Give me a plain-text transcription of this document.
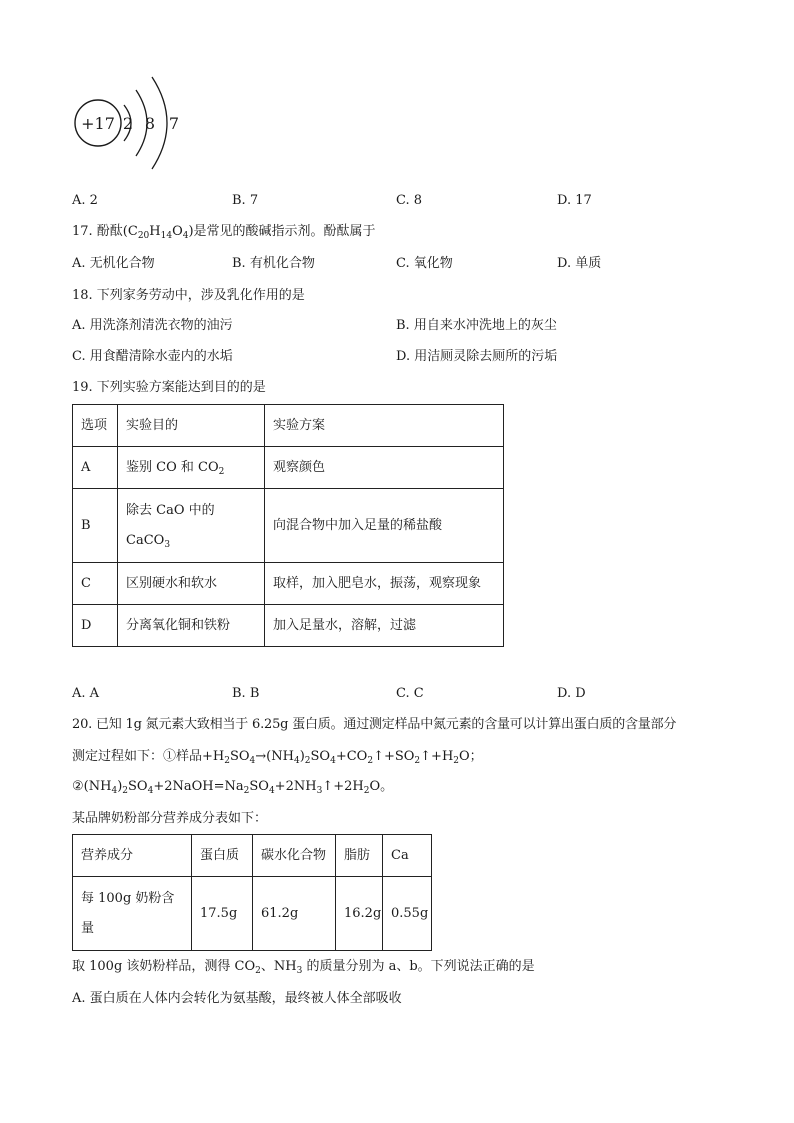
+17 2 8 7
A. 2	B. 7	C. 8	D. 17
17. 酚酞$(C_{20}H_{14}O_4)$是常见的酸碱指示剂。酚酞属于
A. 无机化合物	B. 有机化合物	C. 氧化物	D. 单质
18. 下列家务劳动中，涉及乳化作用的是
A. 用洗涤剂清洗衣物的油污	B. 用自来水冲洗地上的灰尘
C. 用食醋清除水壶内的水垢	D. 用洁厕灵除去厕所的污垢
19. 下列实验方案能达到目的的是
选项	实验目的	实验方案
A	鉴别 CO 和 $CO_2$	观察颜色
B	除去 CaO 中的
CaCO$_3$	向混合物中加入足量的稀盐酸
C	区别硬水和软水	取样，加入肥皂水，振荡，观察现象
D	分离氧化铜和铁粉	加入足量水，溶解，过滤
A. A	B. B	C. C	D. D
20. 已知 1g 氮元素大致相当于 6.25g 蛋白质。通过测定样品中氮元素的含量可以计算出蛋白质的含量部分
测定过程如下：①样品$+H_2SO_4\to(NH_4)_2SO_4+CO_2↑+SO_2↑+H_2O$；
$②(NH_4)_2SO_4+2NaOH=Na_2SO_4+2NH_3↑+2H_2O$。
某品牌奶粉部分营养成分表如下：
营养成分	蛋白质	碳水化合物	脂肪	Ca
每 100g 奶粉含
量	17.5g	61.2g	16.2g	0.55g
取 100g 该奶粉样品，测得 $CO_2$、$NH_3$ 的质量分别为 a、b。下列说法正确的是
A. 蛋白质在人体内会转化为氨基酸，最终被人体全部吸收
